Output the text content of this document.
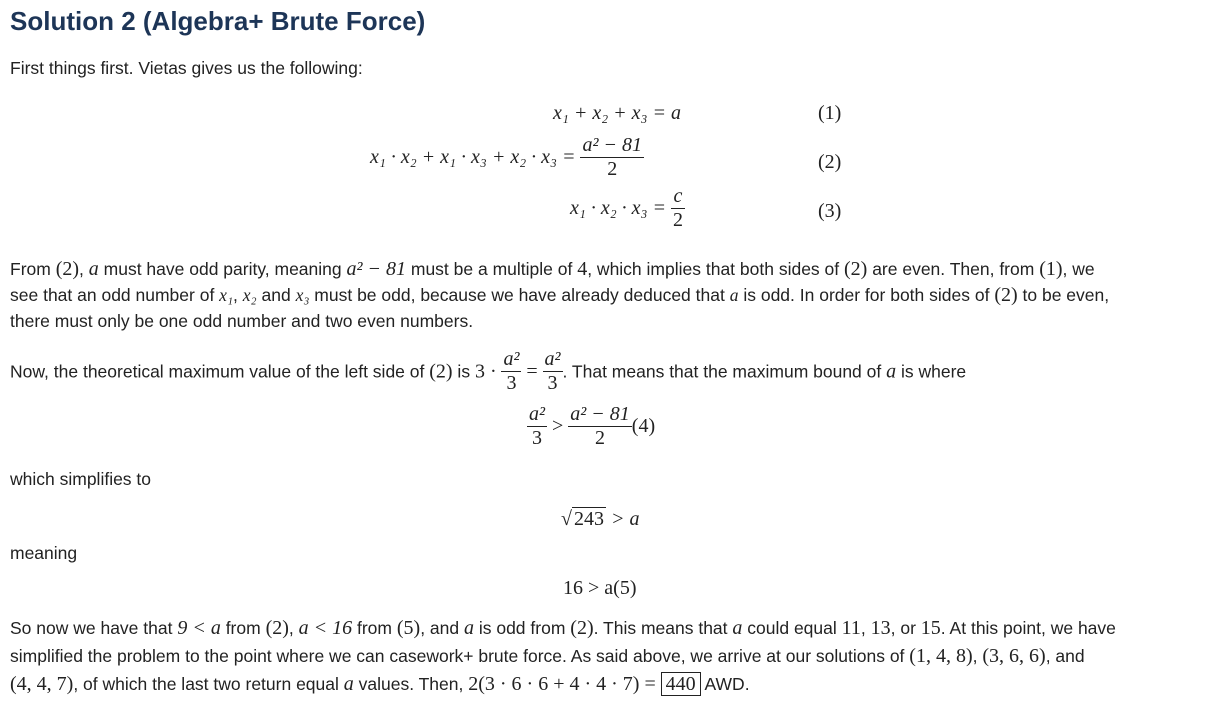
Solution 2 (Algebra+ Brute Force)
First things first. Vietas gives us the following:
x₁ + x₂ + x₃ = a	(1)
$x_1 \cdot x_2 + x_1 \cdot x_3 + x_2 \cdot x_3 = \frac{\text{a² − 81}}{2}$	(2)
$x_1 \cdot x_2 \cdot x_3 = \frac{c}{2}$	(3)
From (2), a must have odd parity, meaning a² − 81 must be a multiple of 4, which implies that both sides of (2) are even. Then, from (1), we
see that an odd number of x₁, x₂ and x₃ must be odd, because we have already deduced that a is odd. In order for both sides of (2) to be even,
there must only be one odd number and two even numbers.
Now, the theoretical maximum value of the left side of (2) is $3 \cdot \frac{\text{a²}}{3} = \frac{\text{a²}}{3}$ . That means that the maximum bound of a is where
$\frac{\text{a²}}{3} > \frac{\text{a² − 81}}{2} (4)$
which simplifies to
√ 243 > a
meaning
16 > a(5)
So now we have that 9 < a from (2), a < 16 from (5), and a is odd from (2). This means that a could equal 11, 13, or 15. At this point, we have
simplified the problem to the point where we can casework+ brute force. As said above, we arrive at our solutions of (1, 4, 8), (3, 6, 6), and
(4, 4, 7), of which the last two return equal a values. Then, 2(3 · 6 · 6 + 4 · 4 · 7) = 440 AWD.
